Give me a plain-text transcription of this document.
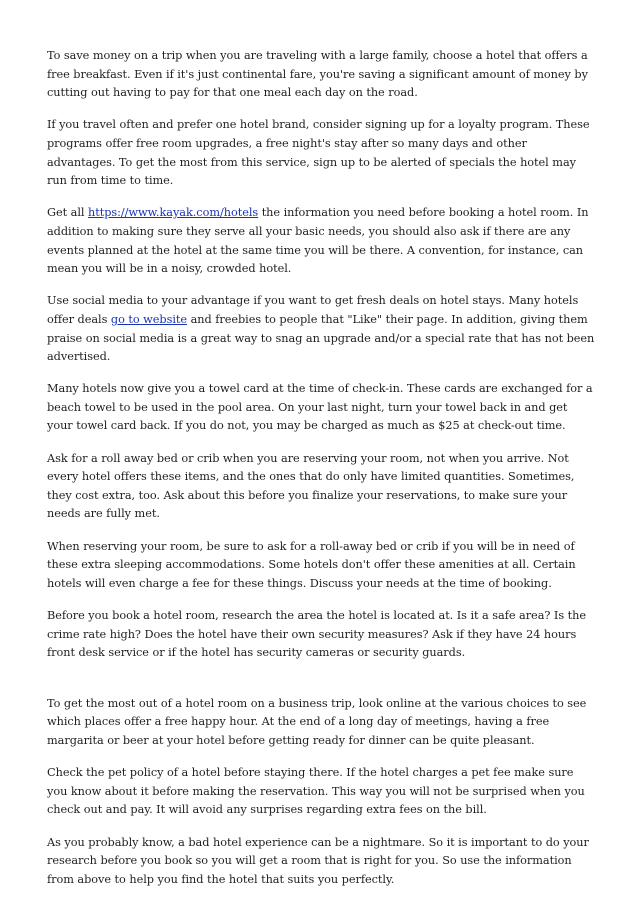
To save money on a trip when you are traveling with a large family, choose a hotel that offers a free breakfast. Even if it's just continental fare, you're saving a significant amount of money by cutting out having to pay for that one meal each day on the road.

If you travel often and prefer one hotel brand, consider signing up for a loyalty program. These programs offer free room upgrades, a free night's stay after so many days and other advantages. To get the most from this service, sign up to be alerted of specials the hotel may run from time to time.

Get all https://www.kayak.com/hotels the information you need before booking a hotel room. In addition to making sure they serve all your basic needs, you should also ask if there are any events planned at the hotel at the same time you will be there. A convention, for instance, can mean you will be in a noisy, crowded hotel.

Use social media to your advantage if you want to get fresh deals on hotel stays. Many hotels offer deals go to website and freebies to people that "Like" their page. In addition, giving them praise on social media is a great way to snag an upgrade and/or a special rate that has not been advertised.

Many hotels now give you a towel card at the time of check-in. These cards are exchanged for a beach towel to be used in the pool area. On your last night, turn your towel back in and get your towel card back. If you do not, you may be charged as much as $25 at check-out time.

Ask for a roll away bed or crib when you are reserving your room, not when you arrive. Not every hotel offers these items, and the ones that do only have limited quantities. Sometimes, they cost extra, too. Ask about this before you finalize your reservations, to make sure your needs are fully met.

When reserving your room, be sure to ask for a roll-away bed or crib if you will be in need of these extra sleeping accommodations. Some hotels don't offer these amenities at all. Certain hotels will even charge a fee for these things. Discuss your needs at the time of booking.

Before you book a hotel room, research the area the hotel is located at. Is it a safe area? Is the crime rate high? Does the hotel have their own security measures? Ask if they have 24 hours front desk service or if the hotel has security cameras or security guards.

To get the most out of a hotel room on a business trip, look online at the various choices to see which places offer a free happy hour. At the end of a long day of meetings, having a free margarita or beer at your hotel before getting ready for dinner can be quite pleasant.

Check the pet policy of a hotel before staying there. If the hotel charges a pet fee make sure you know about it before making the reservation. This way you will not be surprised when you check out and pay. It will avoid any surprises regarding extra fees on the bill.

As you probably know, a bad hotel experience can be a nightmare. So it is important to do your research before you book so you will get a room that is right for you. So use the information from above to help you find the hotel that suits you perfectly.
